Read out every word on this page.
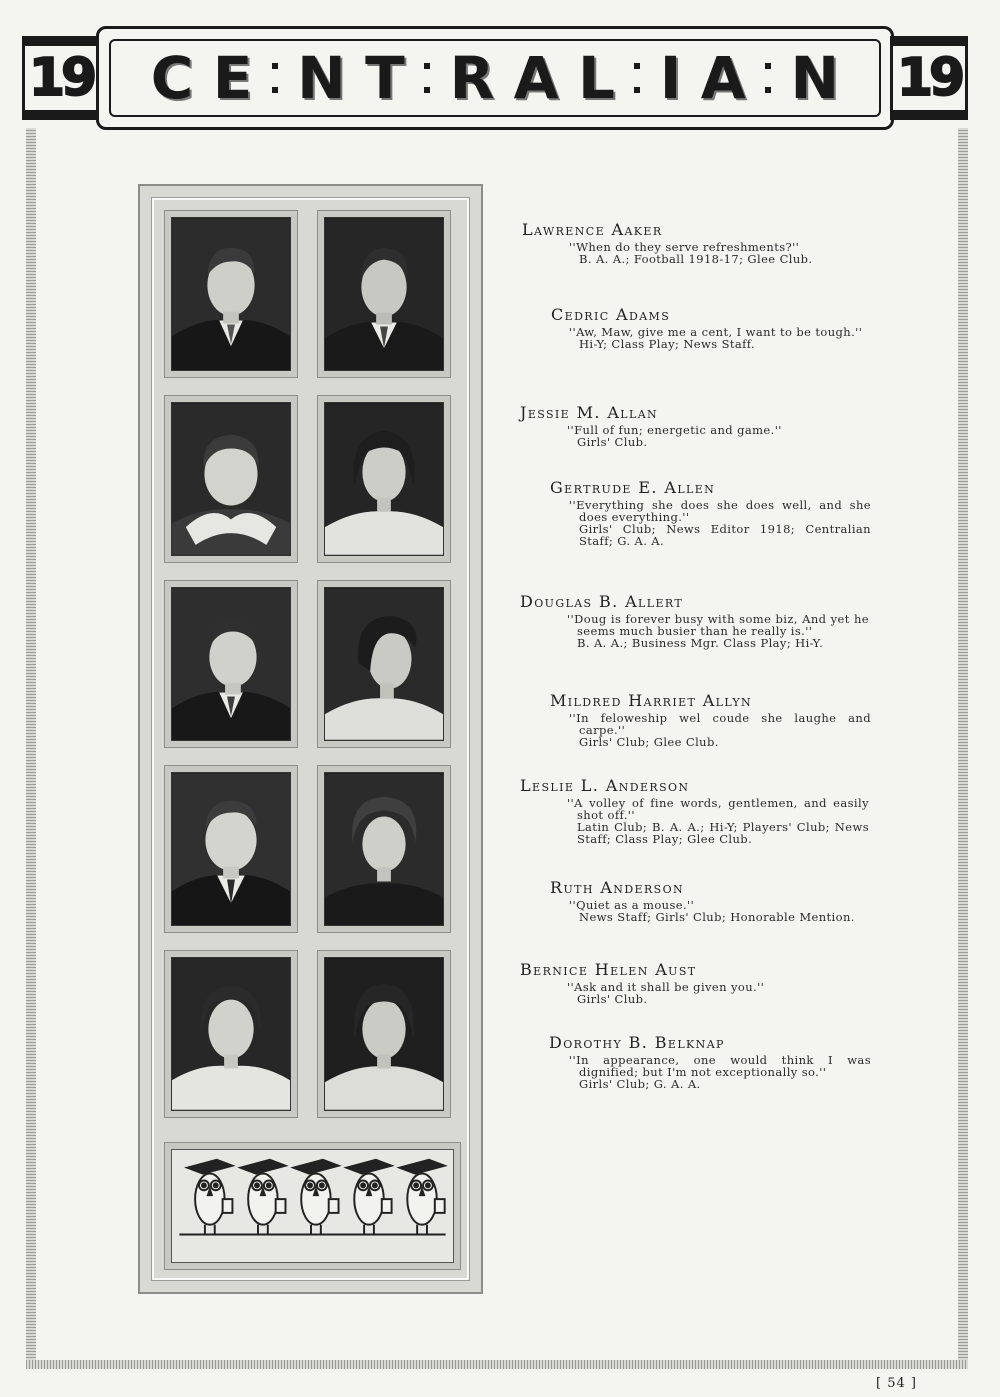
19 C E N T R A L I A N 19
Lawrence Aaker
''When do they serve refreshments?''
B. A. A.; Football 1918-17; Glee Club.
Cedric Adams
''Aw, Maw, give me a cent, I want to be tough.''
Hi-Y; Class Play; News Staff.
Jessie M. Allan
''Full of fun; energetic and game.''
Girls' Club.
Gertrude E. Allen
''Everything she does she does well, and she does everything.''
Girls' Club; News Editor 1918; Centralian Staff; G. A. A.
Douglas B. Allert
''Doug is forever busy with some biz, And yet he seems much busier than he really is.''
B. A. A.; Business Mgr. Class Play; Hi-Y.
Mildred Harriet Allyn
''In feloweship wel coude she laughe and carpe.''
Girls' Club; Glee Club.
Leslie L. Anderson
''A volley of fine words, gentlemen, and easily shot off.''
Latin Club; B. A. A.; Hi-Y; Players' Club; News Staff; Class Play; Glee Club.
Ruth Anderson
''Quiet as a mouse.''
News Staff; Girls' Club; Honorable Mention.
Bernice Helen Aust
''Ask and it shall be given you.''
Girls' Club.
Dorothy B. Belknap
''In appearance, one would think I was dignified; but I'm not exceptionally so.''
Girls' Club; G. A. A.
[ 54 ]
